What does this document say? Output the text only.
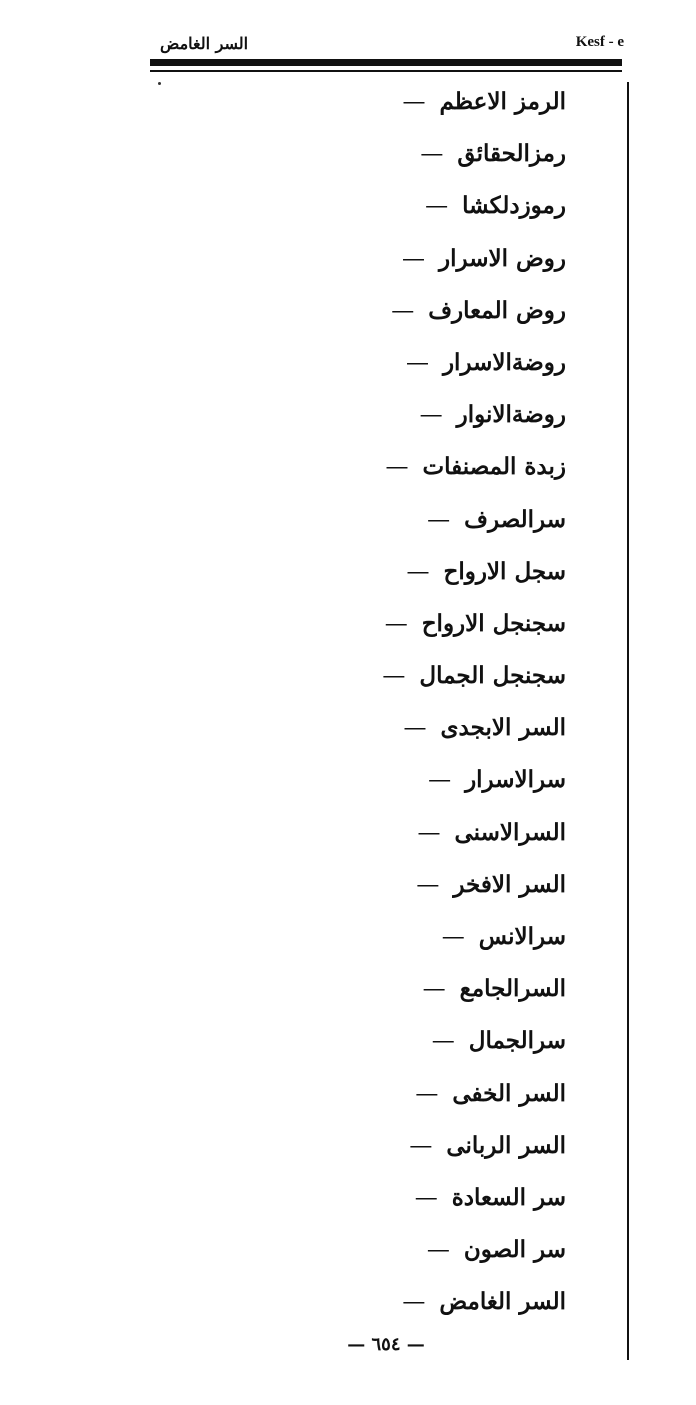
السر الغامض	Kesf - e
الرمز الاعظم—
رمزالحقائق—
رموزدلكشا—
روض الاسرار—
روض المعارف—
روضةالاسرار—
روضةالانوار—
زبدة المصنفات—
سرالصرف—
سجل الارواح—
سجنجل الارواح—
سجنجل الجمال—
السر الابجدى—
سرالاسرار—
السرالاسنى—
السر الافخر—
سرالانس—
السرالجامع—
سرالجمال—
السر الخفى—
السر الربانى—
سر السعادة—
سر الصون—
السر الغامض—
— ٦٥٤ —
